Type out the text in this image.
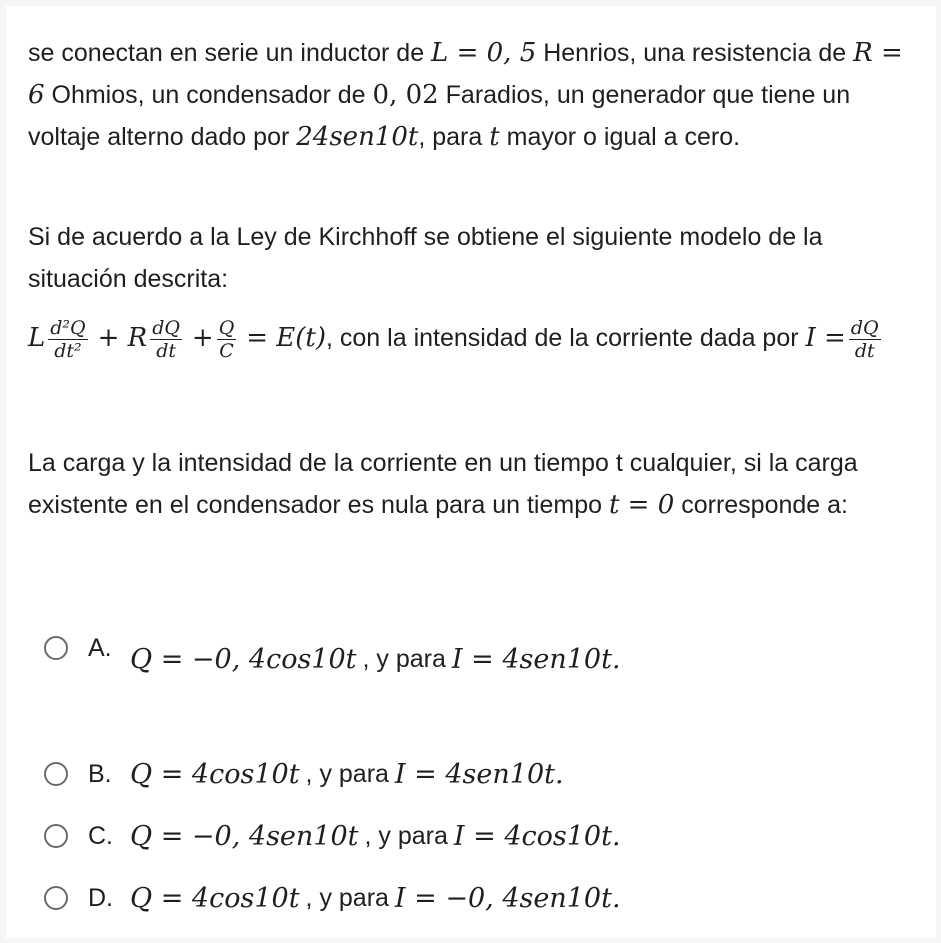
se conectan en serie un inductor de L = 0, 5 Henrios, una resistencia de R = 6 Ohmios, un condensador de 0, 02 Faradios, un generador que tiene un voltaje alterno dado por 24sen10t, para t mayor o igual a cero.

Si de acuerdo a la Ley de Kirchhoff se obtiene el siguiente modelo de la situación descrita:

L $\frac{\text{d²Q}}{\text{dt²}} + R \frac{dQ}{dt} + \frac{Q}{C} = E(t)$, con la intensidad de la corriente dada por $I = \frac{dQ}{dt}$

La carga y la intensidad de la corriente en un tiempo t cualquier, si la carga existente en el condensador es nula para un tiempo t = 0 corresponde a:

A. Q = −0, 4cos10t , y para I = 4sen10t.
B. Q = 4cos10t , y para I = 4sen10t.
C. Q = −0, 4sen10t , y para I = 4cos10t.
D. Q = 4cos10t , y para I = −0, 4sen10t.
